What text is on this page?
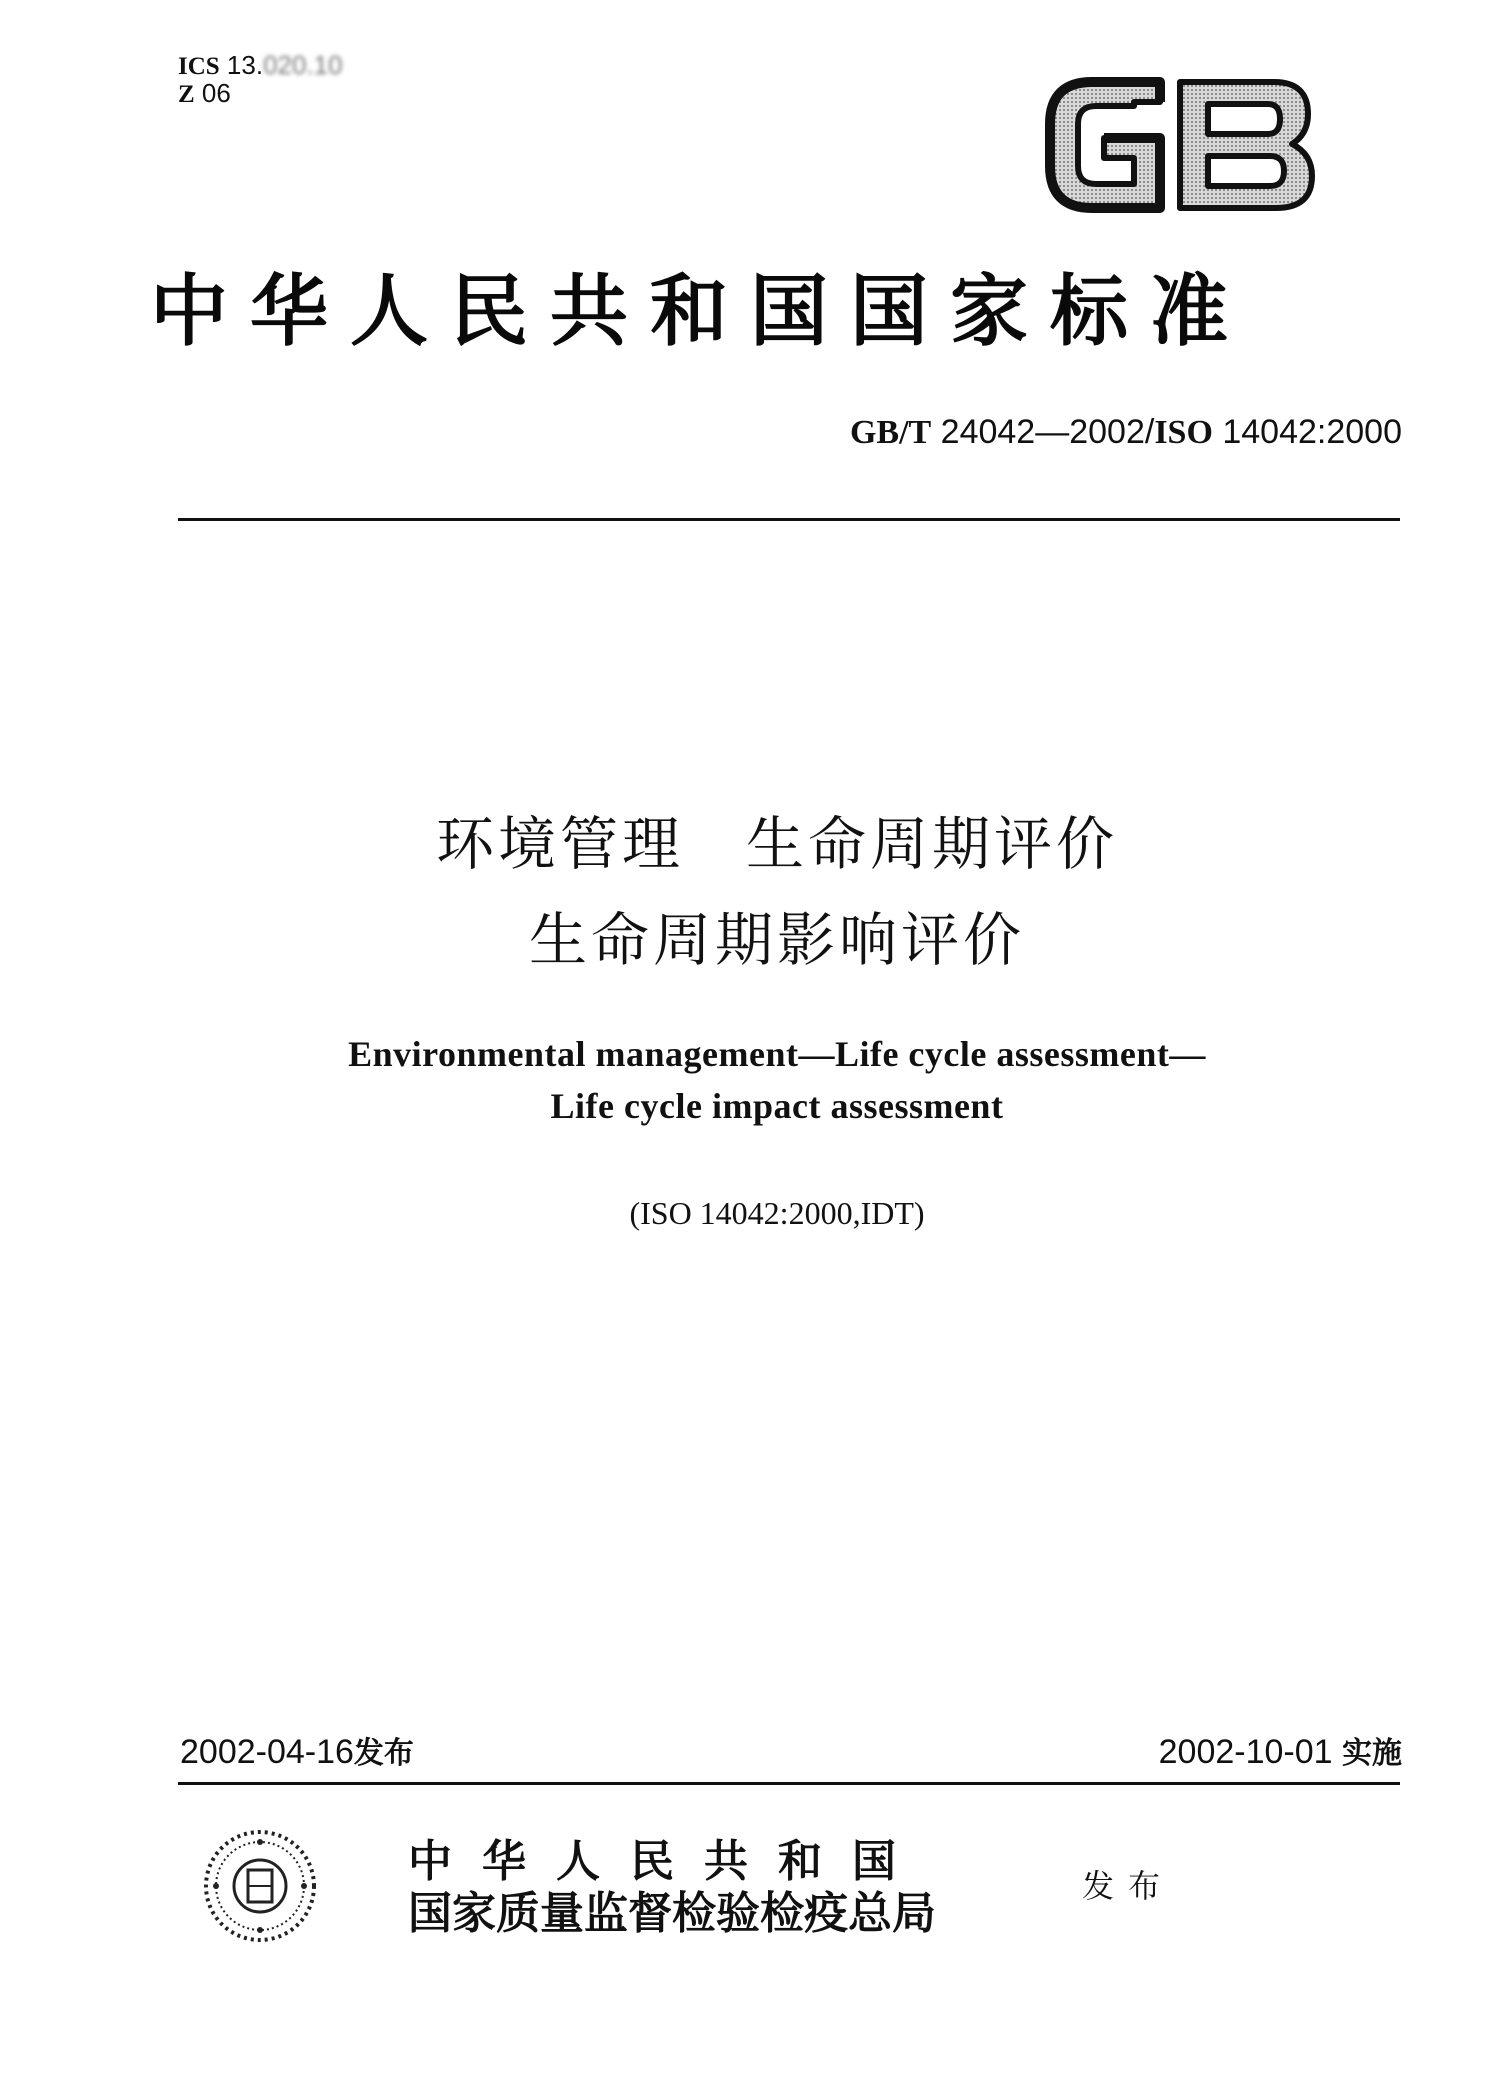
ICS 13.020.10
Z 06
中华人民共和国国家标准
GB/T 24042—2002/ISO 14042:2000
环境管理　生命周期评价
生命周期影响评价
Environmental management—Life cycle assessment—
Life cycle impact assessment
(ISO 14042:2000,IDT)
2002-04-16发布	2002-10-01 实施
中华人民共和国
国家质量监督检验检疫总局
发布
